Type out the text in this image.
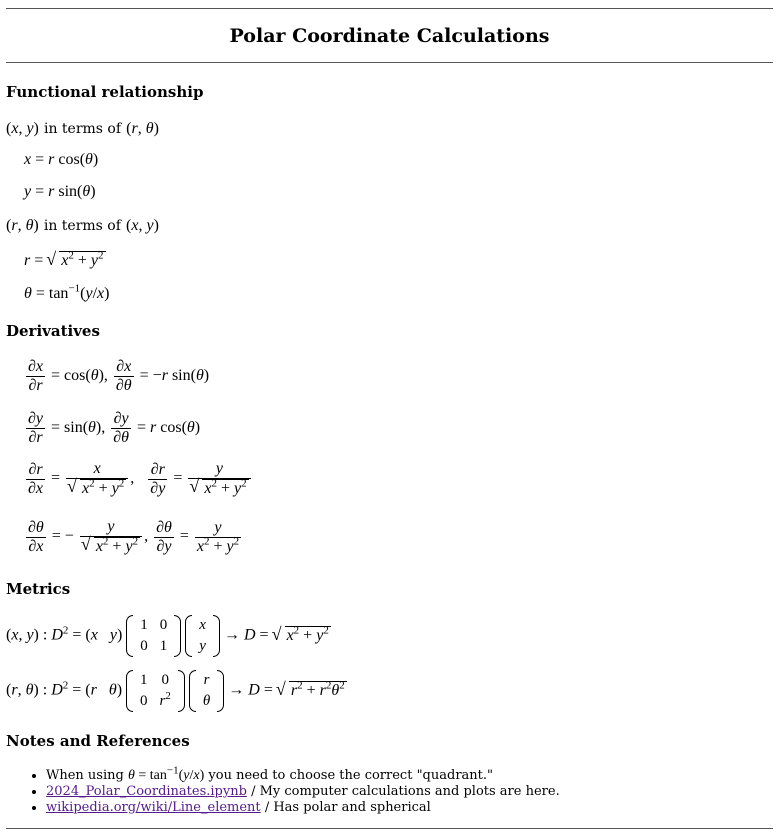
Polar Coordinate Calculations
Functional relationship
(x, y) in terms of (r, θ)
x = r cos(θ)
y = r sin(θ)
(r, θ) in terms of (x, y)
r = √ $x^2 + y^2$
$\theta = \tan^{-1}(y/x)$
Derivatives
$\frac{\partial x}{\partial r} = \cos(\theta)$, $\frac{\partial x}{\partial\theta} = -r$ sin(θ)
$\frac{\partial y}{\partial r} = \sin(\theta)$, $\frac{\partial y}{\partial\theta} = r$ cos(θ)
$\frac{\partial r}{\partial x} = x$
√ $x^2 + y^2$ , $\frac{\partial r}{\partial y} = y$
√ $x^2 + y^2$
$\frac{\partial\theta}{\partial x}$ = − y
√ $x^2 + y^2$ , $\frac{\partial\theta}{\partial y} = \frac{y}{x^2 + y^2}$
Metrics
(x, y) : $D^2 = (x$ y)
1	0
0	1

x
y
→ D = √ $x^2 + y^2$
(r, θ) : $D^2 = (r$ θ)
1	0
0	$r^2$

r
θ
→ D = √ $r^2 + r^2\theta^2$
Notes and References
• When using $\theta = \tan^{-1}(y/x)$ you need to choose the correct "quadrant."
• 2024_Polar_Coordinates.ipynb / My computer calculations and plots are here.
• wikipedia.org/wiki/Line_element / Has polar and spherical
